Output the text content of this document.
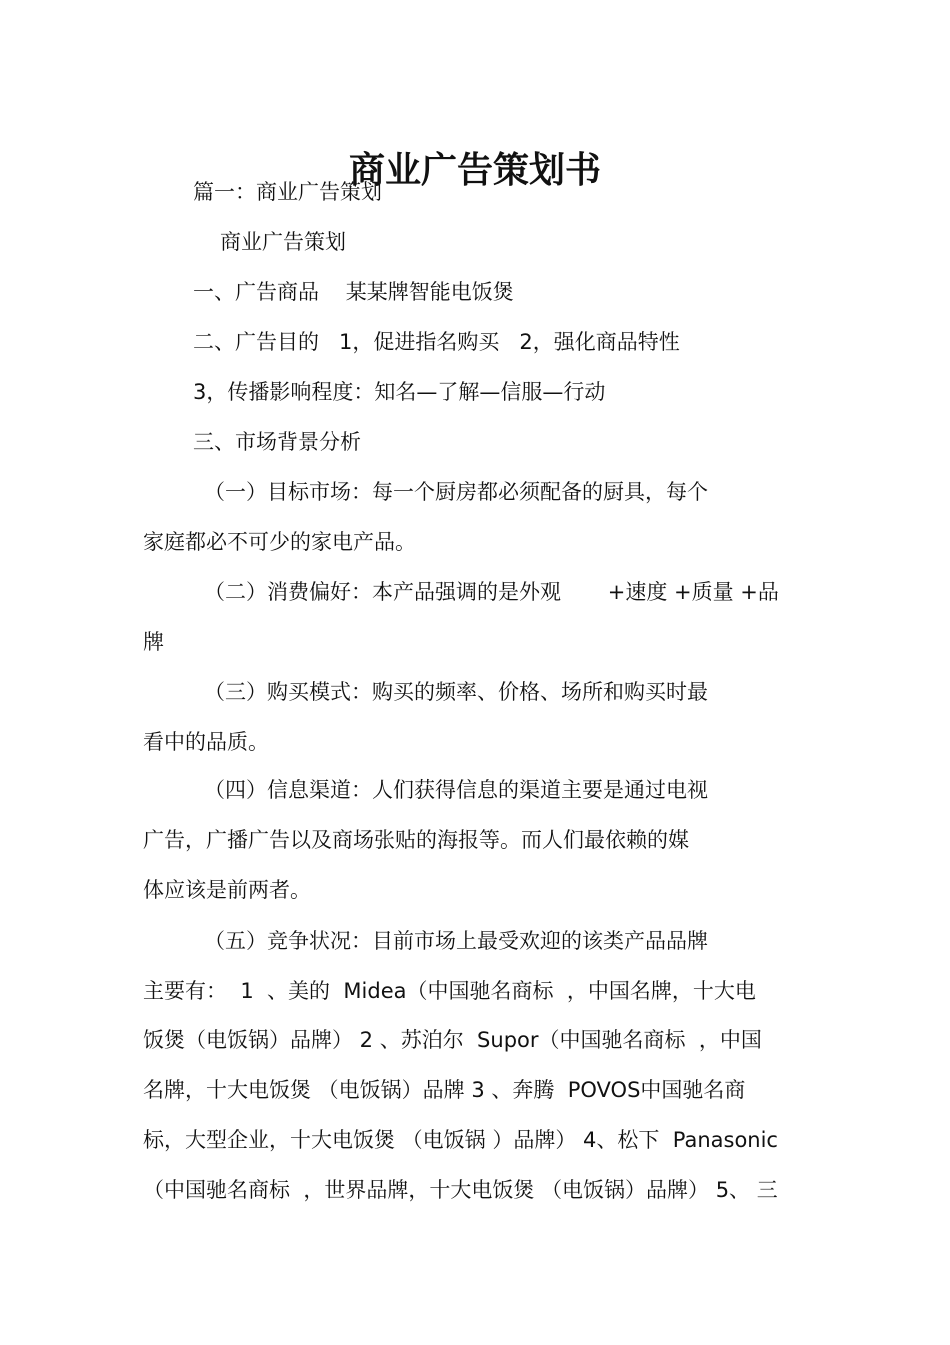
商业广告策划书

篇一：商业广告策划

商业广告策划

一、广告商品    某某牌智能电饭煲

二、广告目的   1，促进指名购买   2，强化商品特性

3，传播影响程度：知名—了解—信服—行动

三、市场背景分析

（一）目标市场：每一个厨房都必须配备的厨具，每个

家庭都必不可少的家电产品。

（二）消费偏好：本产品强调的是外观       +速度 +质量 +品

牌

（三）购买模式：购买的频率、价格、场所和购买时最

看中的品质。

（四）信息渠道：人们获得信息的渠道主要是通过电视

广告，广播广告以及商场张贴的海报等。而人们最依赖的媒

体应该是前两者。

（五）竞争状况：目前市场上最受欢迎的该类产品品牌

主要有：  1  、美的  Midea（中国驰名商标  ，中国名牌，十大电

饭煲（电饭锅）品牌） 2 、苏泊尔  Supor（中国驰名商标  ，中国

名牌，十大电饭煲 （电饭锅）品牌 3 、奔腾  POVOS中国驰名商

标，大型企业，十大电饭煲 （电饭锅 ）品牌） 4、松下  Panasonic

（中国驰名商标  ，世界品牌，十大电饭煲 （电饭锅）品牌） 5、 三
